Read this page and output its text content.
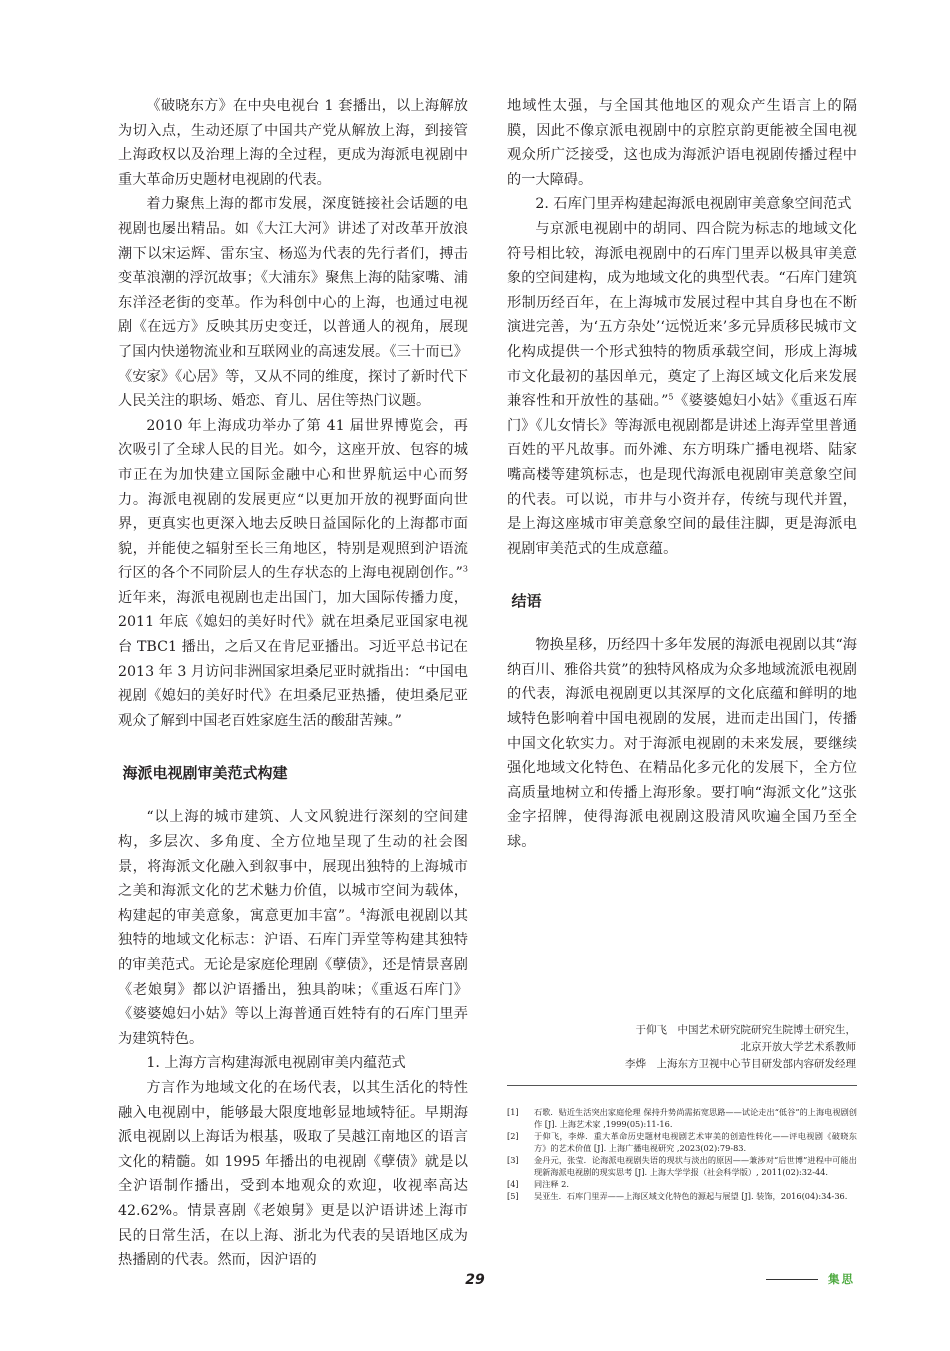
《破晓东方》在中央电视台 1 套播出，以上海解放为切入点，生动还原了中国共产党从解放上海，到接管上海政权以及治理上海的全过程，更成为海派电视剧中重大革命历史题材电视剧的代表。

着力聚焦上海的都市发展，深度链接社会话题的电视剧也屡出精品。如《大江大河》讲述了对改革开放浪潮下以宋运辉、雷东宝、杨巡为代表的先行者们，搏击变革浪潮的浮沉故事；《大浦东》聚焦上海的陆家嘴、浦东洋泾老街的变革。作为科创中心的上海，也通过电视剧《在远方》反映其历史变迁，以普通人的视角，展现了国内快递物流业和互联网业的高速发展。《三十而已》《安家》《心居》等，又从不同的维度，探讨了新时代下人民关注的职场、婚恋、育儿、居住等热门议题。

2010 年上海成功举办了第 41 届世界博览会，再次吸引了全球人民的目光。如今，这座开放、包容的城市正在为加快建立国际金融中心和世界航运中心而努力。海派电视剧的发展更应“以更加开放的视野面向世界，更真实也更深入地去反映日益国际化的上海都市面貌，并能使之辐射至长三角地区，特别是观照到沪语流行区的各个不同阶层人的生存状态的上海电视剧创作。”$^3$ 近年来，海派电视剧也走出国门，加大国际传播力度，2011 年底《媳妇的美好时代》就在坦桑尼亚国家电视台 TBC1 播出，之后又在肯尼亚播出。习近平总书记在 2013 年 3 月访问非洲国家坦桑尼亚时就指出：“中国电视剧《媳妇的美好时代》在坦桑尼亚热播，使坦桑尼亚观众了解到中国老百姓家庭生活的酸甜苦辣。”

海派电视剧审美范式构建

“以上海的城市建筑、人文风貌进行深刻的空间建构，多层次、多角度、全方位地呈现了生动的社会图景，将海派文化融入到叙事中，展现出独特的上海城市之美和海派文化的艺术魅力价值，以城市空间为载体，构建起的审美意象，寓意更加丰富”。$^4$海派电视剧以其独特的地域文化标志：沪语、石库门弄堂等构建其独特的审美范式。无论是家庭伦理剧《孽债》，还是情景喜剧《老娘舅》都以沪语播出，独具韵味；《重返石库门》《婆婆媳妇小姑》等以上海普通百姓特有的石库门里弄为建筑特色。

1. 上海方言构建海派电视剧审美内蕴范式

方言作为地域文化的在场代表，以其生活化的特性融入电视剧中，能够最大限度地彰显地域特征。早期海派电视剧以上海话为根基，吸取了吴越江南地区的语言文化的精髓。如 1995 年播出的电视剧《孽债》就是以全沪语制作播出，受到本地观众的欢迎，收视率高达 42.62%。情景喜剧《老娘舅》更是以沪语讲述上海市民的日常生活，在以上海、浙北为代表的吴语地区成为热播剧的代表。然而，因沪语的

地域性太强，与全国其他地区的观众产生语言上的隔膜，因此不像京派电视剧中的京腔京韵更能被全国电视观众所广泛接受，这也成为海派沪语电视剧传播过程中的一大障碍。

2. 石库门里弄构建起海派电视剧审美意象空间范式

与京派电视剧中的胡同、四合院为标志的地域文化符号相比较，海派电视剧中的石库门里弄以极具审美意象的空间建构，成为地域文化的典型代表。“石库门建筑形制历经百年，在上海城市发展过程中其自身也在不断演进完善，为‘五方杂处’‘远悦近来’多元异质移民城市文化构成提供一个形式独特的物质承载空间，形成上海城市文化最初的基因单元，奠定了上海区域文化后来发展兼容性和开放性的基础。”$^5$《婆婆媳妇小姑》《重返石库门》《儿女情长》等海派电视剧都是讲述上海弄堂里普通百姓的平凡故事。而外滩、东方明珠广播电视塔、陆家嘴高楼等建筑标志，也是现代海派电视剧审美意象空间的代表。可以说，市井与小资并存，传统与现代并置，是上海这座城市审美意象空间的最佳注脚，更是海派电视剧审美范式的生成意蕴。

结语

物换星移，历经四十多年发展的海派电视剧以其“海纳百川、雅俗共赏”的独特风格成为众多地域流派电视剧的代表，海派电视剧更以其深厚的文化底蕴和鲜明的地域特色影响着中国电视剧的发展，进而走出国门，传播中国文化软实力。对于海派电视剧的未来发展，要继续强化地域文化特色、在精品化多元化的发展下，全方位高质量地树立和传播上海形象。要打响“海派文化”这张金字招牌，使得海派电视剧这股清风吹遍全国乃至全球。

于仰飞　中国艺术研究院研究生院博士研究生，
北京开放大学艺术系教师
李烨　上海东方卫视中心节目研发部内容研发经理
[1]	石歌．贴近生活突出家庭伦理 保持升势尚需拓宽思路——试论走出“低谷”的上海电视剧创作 [J]. 上海艺术家 ,1999(05):11-16.
[2]	于仰飞，李烨．重大革命历史题材电视剧艺术审美的创造性转化——评电视剧《破晓东方》的艺术价值 [J]. 上海广播电视研究 ,2023(02):79-83.
[3]	金丹元，张莹．论海派电视剧失语的现状与淡出的原因——兼涉对“后世博”进程中可能出现新海派电视剧的现实思考 [J]. 上海大学学报（社会科学版）, 2011(02):32-44.
[4]	同注释 2.
[5]	吴亚生．石库门里弄——上海区域文化特色的源起与展望 [J]. 装饰，2016(04):34-36.
29	集思
